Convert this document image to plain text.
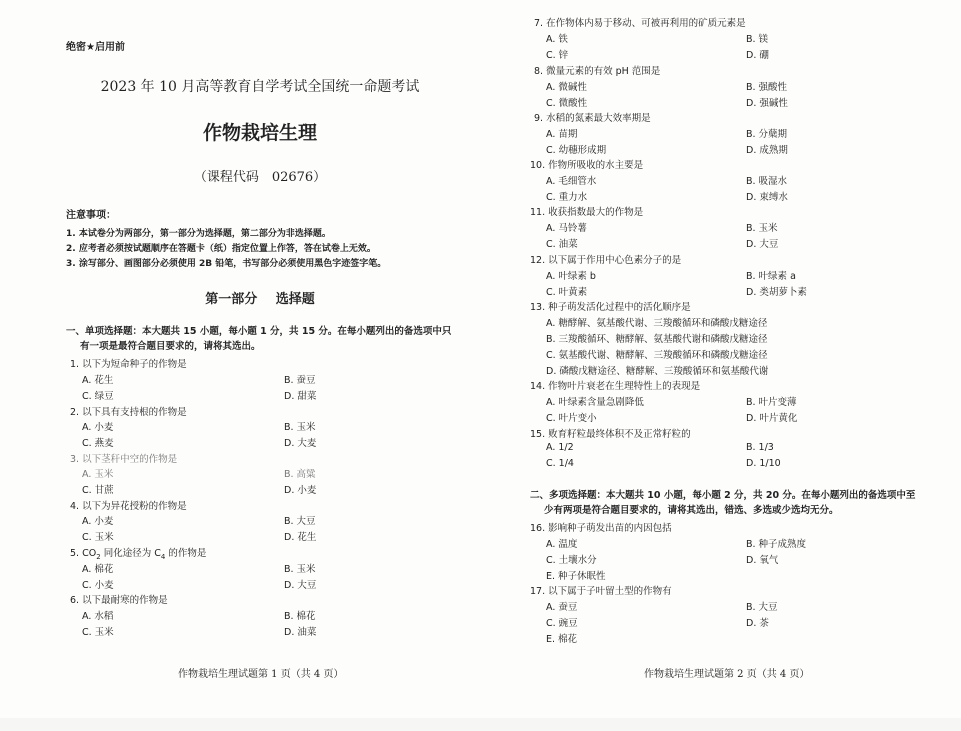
绝密★启用前
2023 年 10 月高等教育自学考试全国统一命题考试
作物栽培生理
（课程代码　02676）
注意事项：
1. 本试卷分为两部分，第一部分为选择题，第二部分为非选择题。
2. 应考者必须按试题顺序在答题卡（纸）指定位置上作答，答在试卷上无效。
3. 涂写部分、画图部分必须使用 2B 铅笔，书写部分必须使用黑色字迹签字笔。
第一部分 选择题
一、单项选择题：本大题共 15 小题，每小题 1 分，共 15 分。在每小题列出的备选项中只
有一项是最符合题目要求的，请将其选出。
1. 以下为短命种子的作物是
A. 花生	B. 蚕豆
C. 绿豆	D. 甜菜
2. 以下具有支持根的作物是
A. 小麦	B. 玉米
C. 燕麦	D. 大麦
3. 以下茎秆中空的作物是
A. 玉米	B. 高粱
C. 甘蔗	D. 小麦
4. 以下为异花授粉的作物是
A. 小麦	B. 大豆
C. 玉米	D. 花生
5. $CO_2$ 同化途径为 $C_4$ 的作物是
A. 棉花	B. 玉米
C. 小麦	D. 大豆
6. 以下最耐寒的作物是
A. 水稻	B. 棉花
C. 玉米	D. 油菜
作物栽培生理试题第 1 页（共 4 页）
7. 在作物体内易于移动、可被再利用的矿质元素是
A. 铁	B. 镁
C. 锌	D. 硼
8. 微量元素的有效 pH 范围是
A. 微碱性	B. 强酸性
C. 微酸性	D. 强碱性
9. 水稻的氮素最大效率期是
A. 苗期	B. 分蘖期
C. 幼穗形成期	D. 成熟期
10. 作物所吸收的水主要是
A. 毛细管水	B. 吸湿水
C. 重力水	D. 束缚水
11. 收获指数最大的作物是
A. 马铃薯	B. 玉米
C. 油菜	D. 大豆
12. 以下属于作用中心色素分子的是
A. 叶绿素 b	B. 叶绿素 a
C. 叶黄素	D. 类胡萝卜素
13. 种子萌发活化过程中的活化顺序是
A. 糖酵解、氨基酸代谢、三羧酸循环和磷酸戊糖途径
B. 三羧酸循环、糖酵解、氨基酸代谢和磷酸戊糖途径
C. 氨基酸代谢、糖酵解、三羧酸循环和磷酸戊糖途径
D. 磷酸戊糖途径、糖酵解、三羧酸循环和氨基酸代谢
14. 作物叶片衰老在生理特性上的表现是
A. 叶绿素含量急剧降低	B. 叶片变薄
C. 叶片变小	D. 叶片黄化
15. 败育籽粒最终体积不及正常籽粒的
A. 1/2	B. 1/3
C. 1/4	D. 1/10
二、多项选择题：本大题共 10 小题，每小题 2 分，共 20 分。在每小题列出的备选项中至
少有两项是符合题目要求的，请将其选出，错选、多选或少选均无分。
16. 影响种子萌发出苗的内因包括
A. 温度	B. 种子成熟度
C. 土壤水分	D. 氧气
E. 种子休眠性
17. 以下属于子叶留土型的作物有
A. 蚕豆	B. 大豆
C. 豌豆	D. 茶
E. 棉花
作物栽培生理试题第 2 页（共 4 页）
